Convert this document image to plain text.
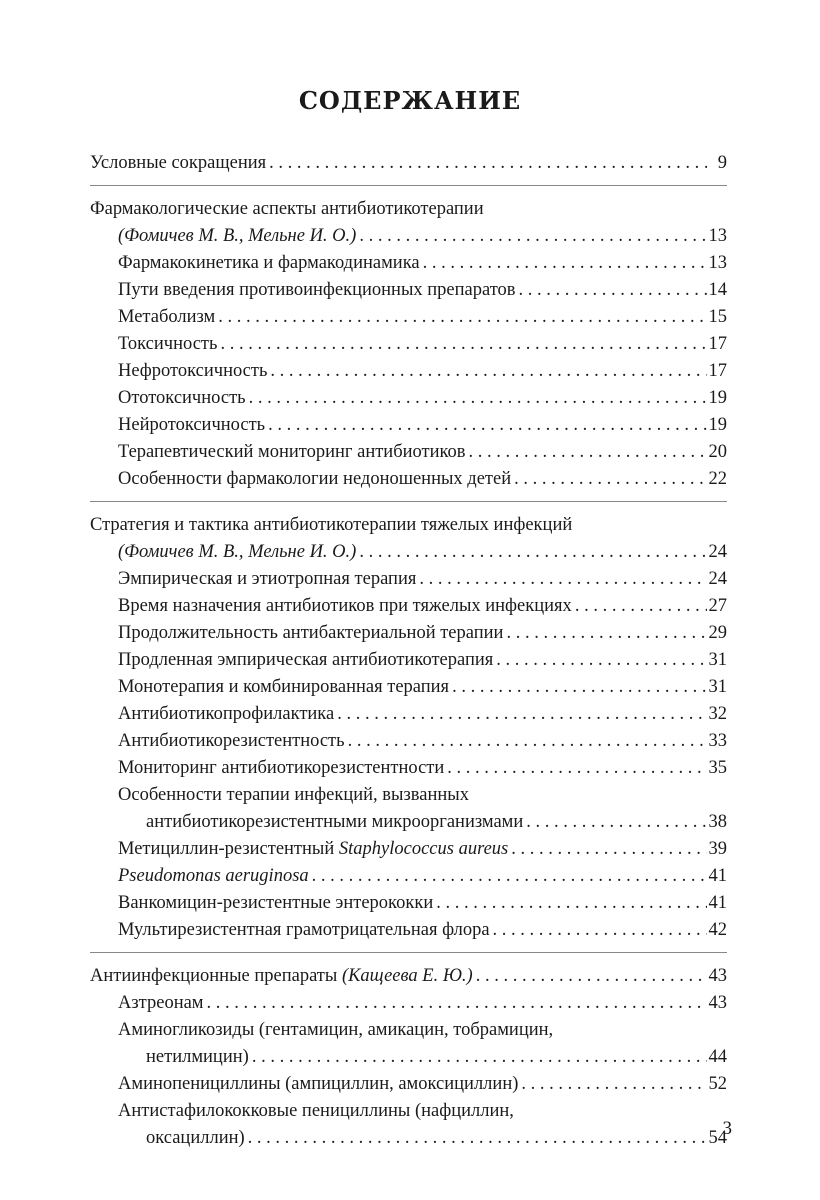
СОДЕРЖАНИЕ
Условные сокращения . . .	9
Фармакологические аспекты антибиотикотерапии
(Фомичев М. В., Мельне И. О.) . . .	13
Фармакокинетика и фармакодинамика . . .	13
Пути введения противоинфекционных препаратов . . .	14
Метаболизм . . .	15
Токсичность . . .	17
Нефротоксичность . . .	17
Ототоксичность . . .	19
Нейротоксичность . . .	19
Терапевтический мониторинг антибиотиков . . .	20
Особенности фармакологии недоношенных детей . . .	22
Стратегия и тактика антибиотикотерапии тяжелых инфекций
(Фомичев М. В., Мельне И. О.) . . .	24
Эмпирическая и этиотропная терапия . . .	24
Время назначения антибиотиков при тяжелых инфекциях . . .	27
Продолжительность антибактериальной терапии . . .	29
Продленная эмпирическая антибиотикотерапия . . .	31
Монотерапия и комбинированная терапия . . .	31
Антибиотикопрофилактика . . .	32
Антибиотикорезистентность . . .	33
Мониторинг антибиотикорезистентности . . .	35
Особенности терапии инфекций, вызванных
антибиотикорезистентными микроорганизмами . . .	38
Метициллин-резистентный Staphylococcus aureus . . .	39
Pseudomonas aeruginosa . . .	41
Ванкомицин-резистентные энтерококки . . .	41
Мультирезистентная грамотрицательная флора . . .	42
Антиинфекционные препараты (Кащеева Е. Ю.) . . .	43
Азтреонам . . .	43
Аминогликозиды (гентамицин, амикацин, тобрамицин,
нетилмицин) . . .	44
Аминопенициллины (ампициллин, амоксициллин) . . .	52
Антистафилококковые пенициллины (нафциллин,
оксациллин) . . .	54
3
